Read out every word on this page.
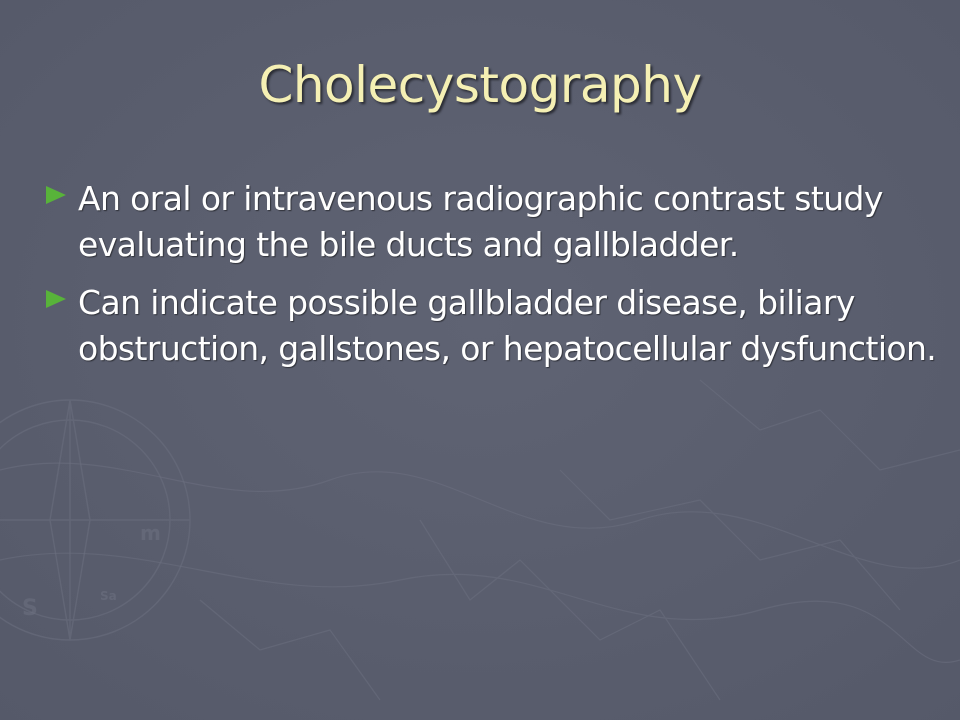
S
m
Sa
Cholecystography
An oral or intravenous radiographic contrast study evaluating the bile ducts and gallbladder.
Can indicate possible gallbladder disease, biliary obstruction, gallstones, or hepatocellular dysfunction.
